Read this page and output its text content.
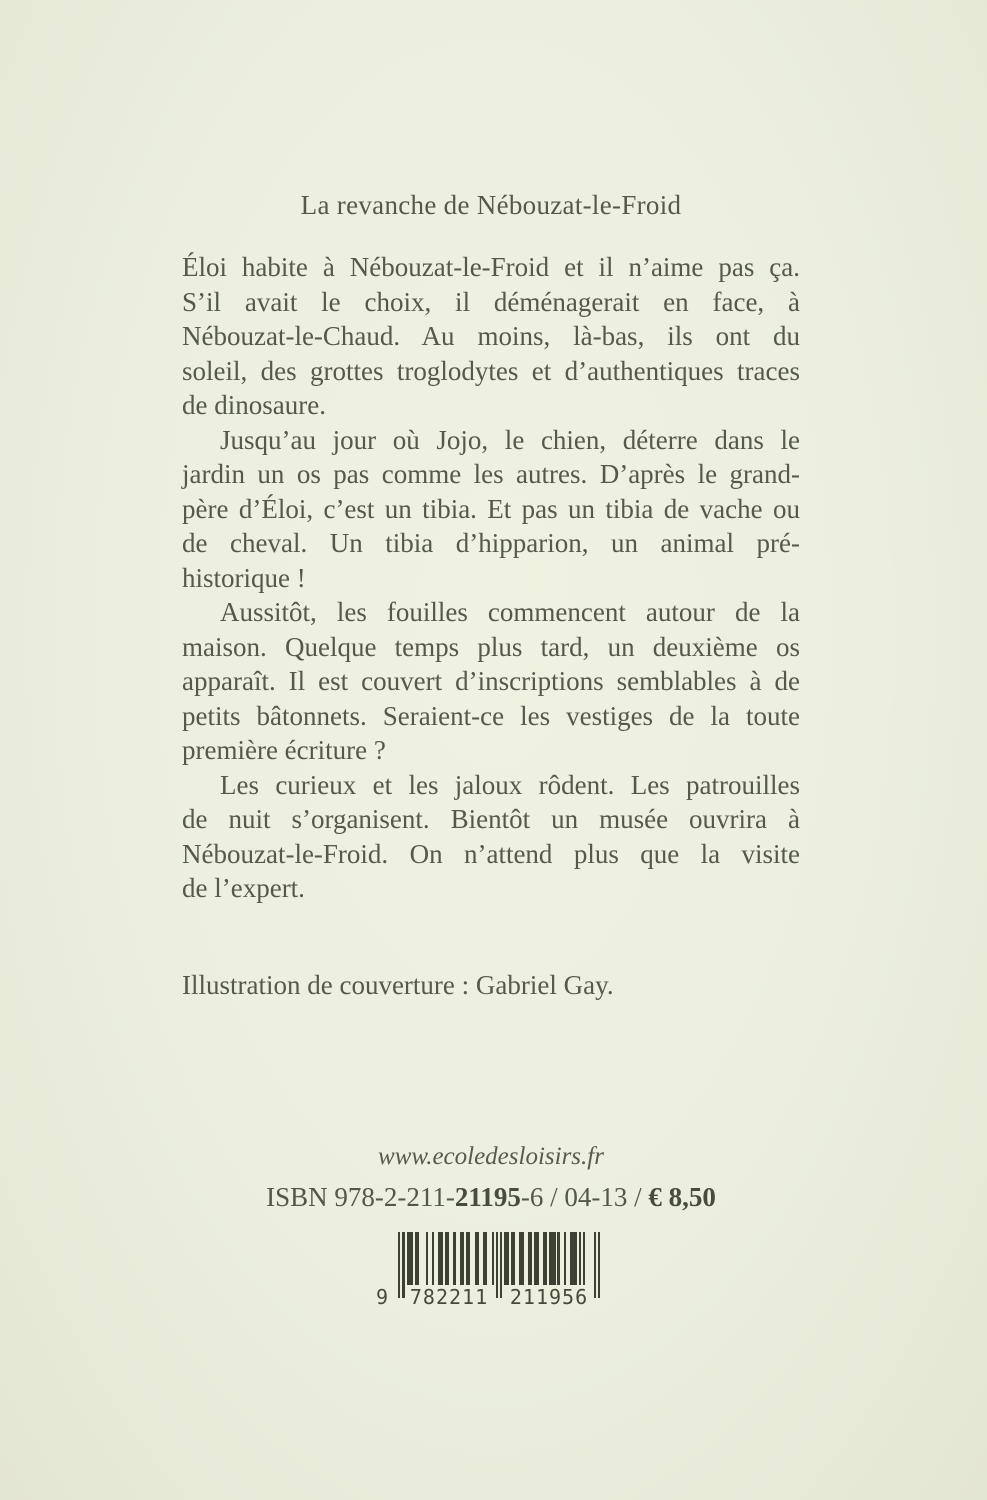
La revanche de Nébouzat-le-Froid
Éloi habite à Nébouzat-le-Froid et il n’aime pas ça.
S’il avait le choix, il déménagerait en face, à
Nébouzat-le-Chaud. Au moins, là-bas, ils ont du
soleil, des grottes troglodytes et d’authentiques traces
de dinosaure.
Jusqu’au jour où Jojo, le chien, déterre dans le
jardin un os pas comme les autres. D’après le grand-
père d’Éloi, c’est un tibia. Et pas un tibia de vache ou
de cheval. Un tibia d’hipparion, un animal pré-
historique !
Aussitôt, les fouilles commencent autour de la
maison. Quelque temps plus tard, un deuxième os
apparaît. Il est couvert d’inscriptions semblables à de
petits bâtonnets. Seraient-ce les vestiges de la toute
première écriture ?
Les curieux et les jaloux rôdent. Les patrouilles
de nuit s’organisent. Bientôt un musée ouvrira à
Nébouzat-le-Froid. On n’attend plus que la visite
de l’expert.
Illustration de couverture : Gabriel Gay.
www.ecoledesloisirs.fr
ISBN 978-2-211-21195-6 / 04-13 / € 8,50
9 782211 211956
